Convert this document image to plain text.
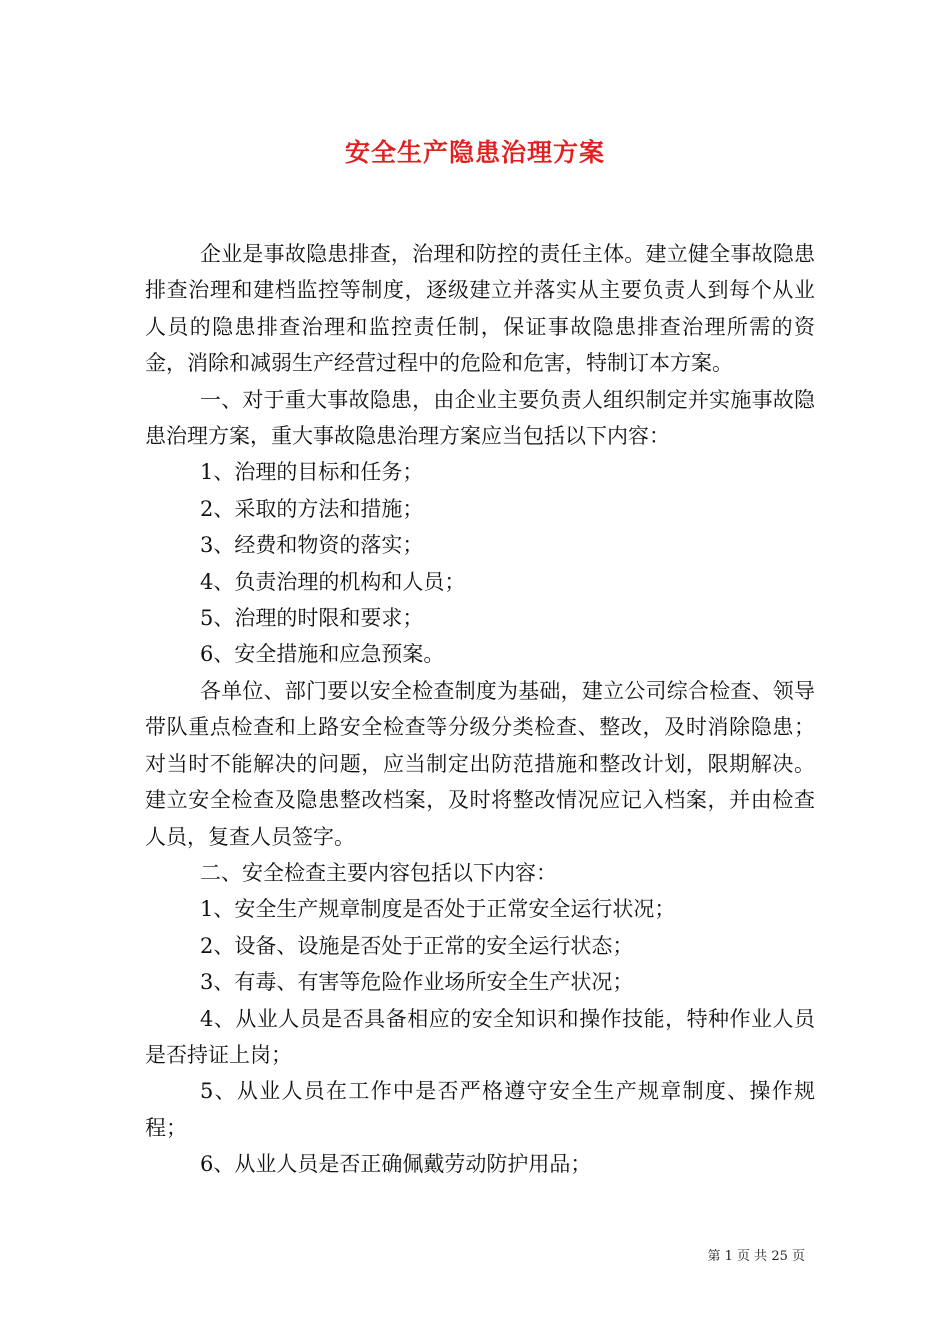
安全生产隐患治理方案

企业是事故隐患排查，治理和防控的责任主体。建立健全事故隐患排查治理和建档监控等制度，逐级建立并落实从主要负责人到每个从业人员的隐患排查治理和监控责任制，保证事故隐患排查治理所需的资金，消除和减弱生产经营过程中的危险和危害，特制订本方案。

一、对于重大事故隐患，由企业主要负责人组织制定并实施事故隐患治理方案，重大事故隐患治理方案应当包括以下内容：

1、治理的目标和任务；

2、采取的方法和措施；

3、经费和物资的落实；

4、负责治理的机构和人员；

5、治理的时限和要求；

6、安全措施和应急预案。

各单位、部门要以安全检查制度为基础，建立公司综合检查、领导带队重点检查和上路安全检查等分级分类检查、整改，及时消除隐患；对当时不能解决的问题，应当制定出防范措施和整改计划，限期解决。建立安全检查及隐患整改档案，及时将整改情况应记入档案，并由检查人员，复查人员签字。

二、安全检查主要内容包括以下内容：

1、安全生产规章制度是否处于正常安全运行状况；

2、设备、设施是否处于正常的安全运行状态；

3、有毒、有害等危险作业场所安全生产状况；

4、从业人员是否具备相应的安全知识和操作技能，特种作业人员是否持证上岗；

5、从业人员在工作中是否严格遵守安全生产规章制度、操作规程；

6、从业人员是否正确佩戴劳动防护用品；

第 1 页 共 25 页
